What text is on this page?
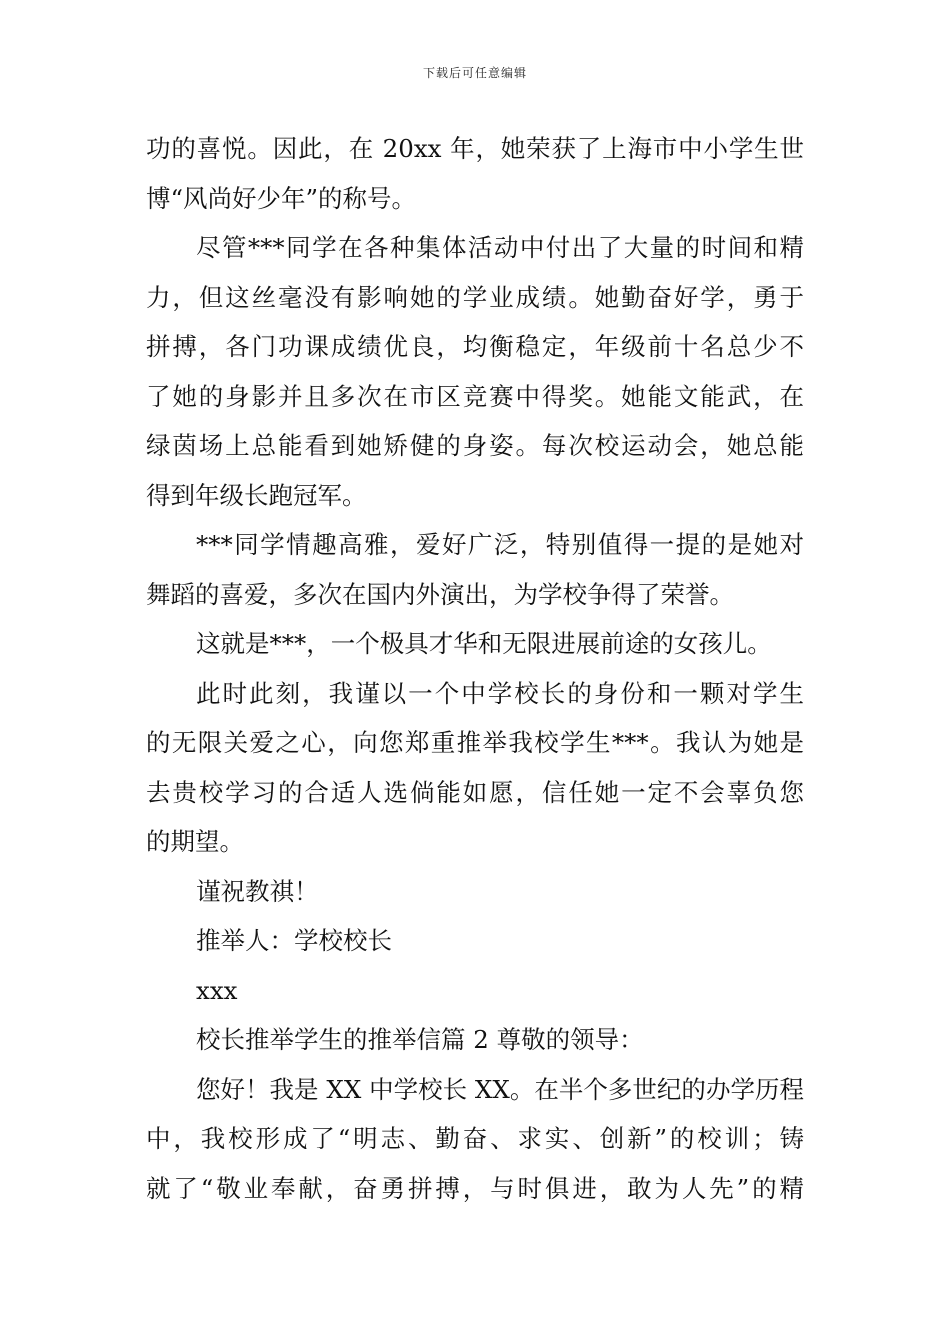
下载后可任意编辑
功的喜悦。因此，在 20xx 年，她荣获了上海市中小学生世
博“风尚好少年”的称号。
尽管***同学在各种集体活动中付出了大量的时间和精
力，但这丝毫没有影响她的学业成绩。她勤奋好学，勇于
拼搏，各门功课成绩优良，均衡稳定，年级前十名总少不
了她的身影并且多次在市区竞赛中得奖。她能文能武，在
绿茵场上总能看到她矫健的身姿。每次校运动会，她总能
得到年级长跑冠军。
***同学情趣高雅，爱好广泛，特别值得一提的是她对
舞蹈的喜爱，多次在国内外演出，为学校争得了荣誉。
这就是***，一个极具才华和无限进展前途的女孩儿。
此时此刻，我谨以一个中学校长的身份和一颗对学生
的无限关爱之心，向您郑重推举我校学生***。我认为她是
去贵校学习的合适人选倘能如愿，信任她一定不会辜负您
的期望。
谨祝教祺！
推举人：学校校长
xxx
校长推举学生的推举信篇 2 尊敬的领导：
您好！我是 XX 中学校长 XX。在半个多世纪的办学历程
中，我校形成了“明志、勤奋、求实、创新”的校训；铸
就了“敬业奉献，奋勇拼搏，与时俱进，敢为人先”的精
